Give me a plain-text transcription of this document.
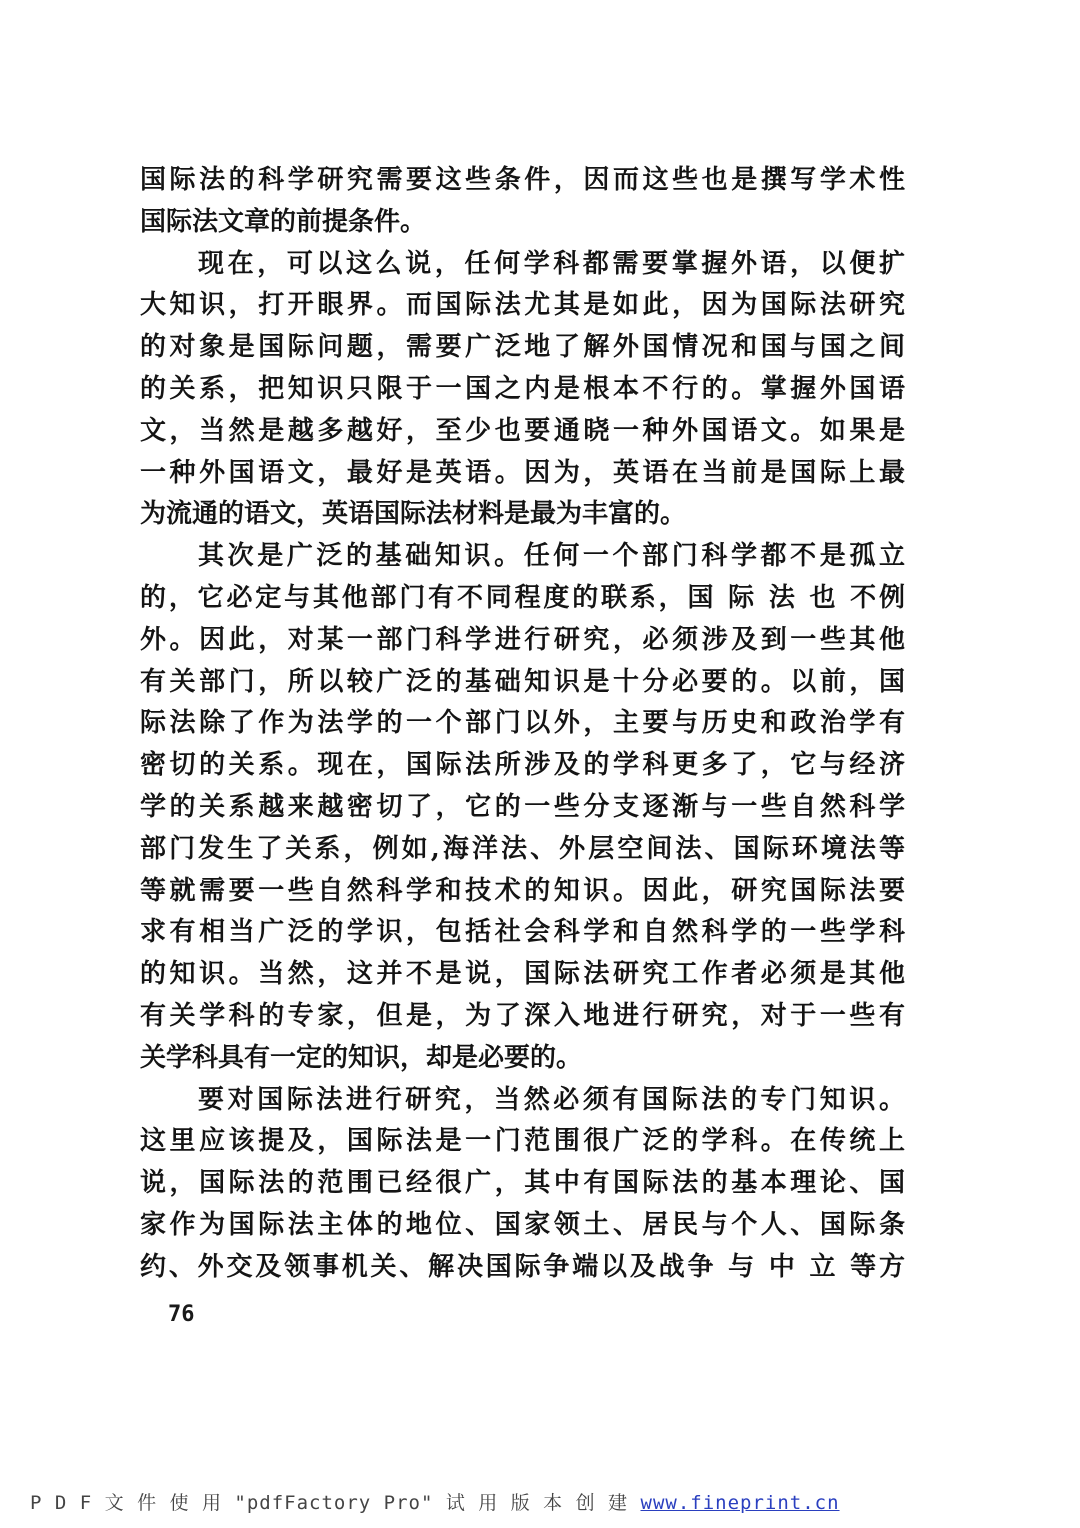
国际法的科学研究需要这些条件，因而这些也是撰写学术性
国际法文章的前提条件。
现在，可以这么说，任何学科都需要掌握外语，以便扩
大知识，打开眼界。而国际法尤其是如此，因为国际法研究
的对象是国际问题，需要广泛地了解外国情况和国与国之间
的关系，把知识只限于一国之内是根本不行的。掌握外国语
文，当然是越多越好，至少也要通晓一种外国语文。如果是
一种外国语文，最好是英语。因为，英语在当前是国际上最
为流通的语文，英语国际法材料是最为丰富的。
其次是广泛的基础知识。任何一个部门科学都不是孤立
的，它必定与其他部门有不同程度的联系，国 际 法 也 不例
外。因此，对某一部门科学进行研究，必须涉及到一些其他
有关部门，所以较广泛的基础知识是十分必要的。以前，国
际法除了作为法学的一个部门以外，主要与历史和政治学有
密切的关系。现在，国际法所涉及的学科更多了，它与经济
学的关系越来越密切了，它的一些分支逐渐与一些自然科学
部门发生了关系，例如,海洋法、外层空间法、国际环境法等
等就需要一些自然科学和技术的知识。因此，研究国际法要
求有相当广泛的学识，包括社会科学和自然科学的一些学科
的知识。当然，这并不是说，国际法研究工作者必须是其他
有关学科的专家，但是，为了深入地进行研究，对于一些有
关学科具有一定的知识，却是必要的。
要对国际法进行研究，当然必须有国际法的专门知识。
这里应该提及，国际法是一门范围很广泛的学科。在传统上
说，国际法的范围已经很广，其中有国际法的基本理论、国
家作为国际法主体的地位、国家领土、居民与个人、国际条
约、外交及领事机关、解决国际争端以及战争 与 中 立 等方
76
P D F 文 件 使 用 "pdfFactory Pro" 试 用 版 本 创 建 www.fineprint.cn
